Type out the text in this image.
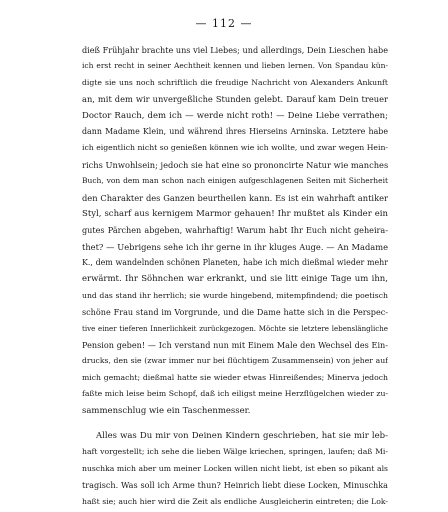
— 112 —
dieß Frühjahr brachte uns viel Liebes; und allerdings, Dein Lieschen habe
ich erst recht in seiner Aechtheit kennen und lieben lernen. Von Spandau kün-
digte sie uns noch schriftlich die freudige Nachricht von Alexanders Ankunft
an, mit dem wir unvergeßliche Stunden gelebt. Darauf kam Dein treuer
Doctor Rauch, dem ich — werde nicht roth! — Deine Liebe verrathen;
dann Madame Klein, und während ihres Hierseins Arninska. Letztere habe
ich eigentlich nicht so genießen können wie ich wollte, und zwar wegen Hein-
richs Unwohlsein; jedoch sie hat eine so prononcirte Natur wie manches
Buch, von dem man schon nach einigen aufgeschlagenen Seiten mit Sicherheit
den Charakter des Ganzen beurtheilen kann. Es ist ein wahrhaft antiker
Styl, scharf aus kernigem Marmor gehauen! Ihr mußtet als Kinder ein
gutes Pärchen abgeben, wahrhaftig! Warum habt Ihr Euch nicht geheira-
thet? — Uebrigens sehe ich ihr gerne in ihr kluges Auge. — An Madame
K., dem wandelnden schönen Planeten, habe ich mich dießmal wieder mehr
erwärmt. Ihr Söhnchen war erkrankt, und sie litt einige Tage um ihn,
und das stand ihr herrlich; sie wurde hingebend, mitempfindend; die poetisch
schöne Frau stand im Vorgrunde, und die Dame hatte sich in die Perspec-
tive einer tieferen Innerlichkeit zurückgezogen. Möchte sie letztere lebenslängliche
Pension geben! — Ich verstand nun mit Einem Male den Wechsel des Ein-
drucks, den sie (zwar immer nur bei flüchtigem Zusammensein) von jeher auf
mich gemacht; dießmal hatte sie wieder etwas Hinreißendes; Minerva jedoch
faßte mich leise beim Schopf, daß ich eiligst meine Herzflügelchen wieder zu-
sammenschlug wie ein Taschenmesser.
Alles was Du mir von Deinen Kindern geschrieben, hat sie mir leb-
haft vorgestellt; ich sehe die lieben Wälge kriechen, springen, laufen; daß Mi-
nuschka mich aber um meiner Locken willen nicht liebt, ist eben so pikant als
tragisch. Was soll ich Arme thun? Heinrich liebt diese Locken, Minuschka
haßt sie; auch hier wird die Zeit als endliche Ausgleicherin eintreten; die Lok-
